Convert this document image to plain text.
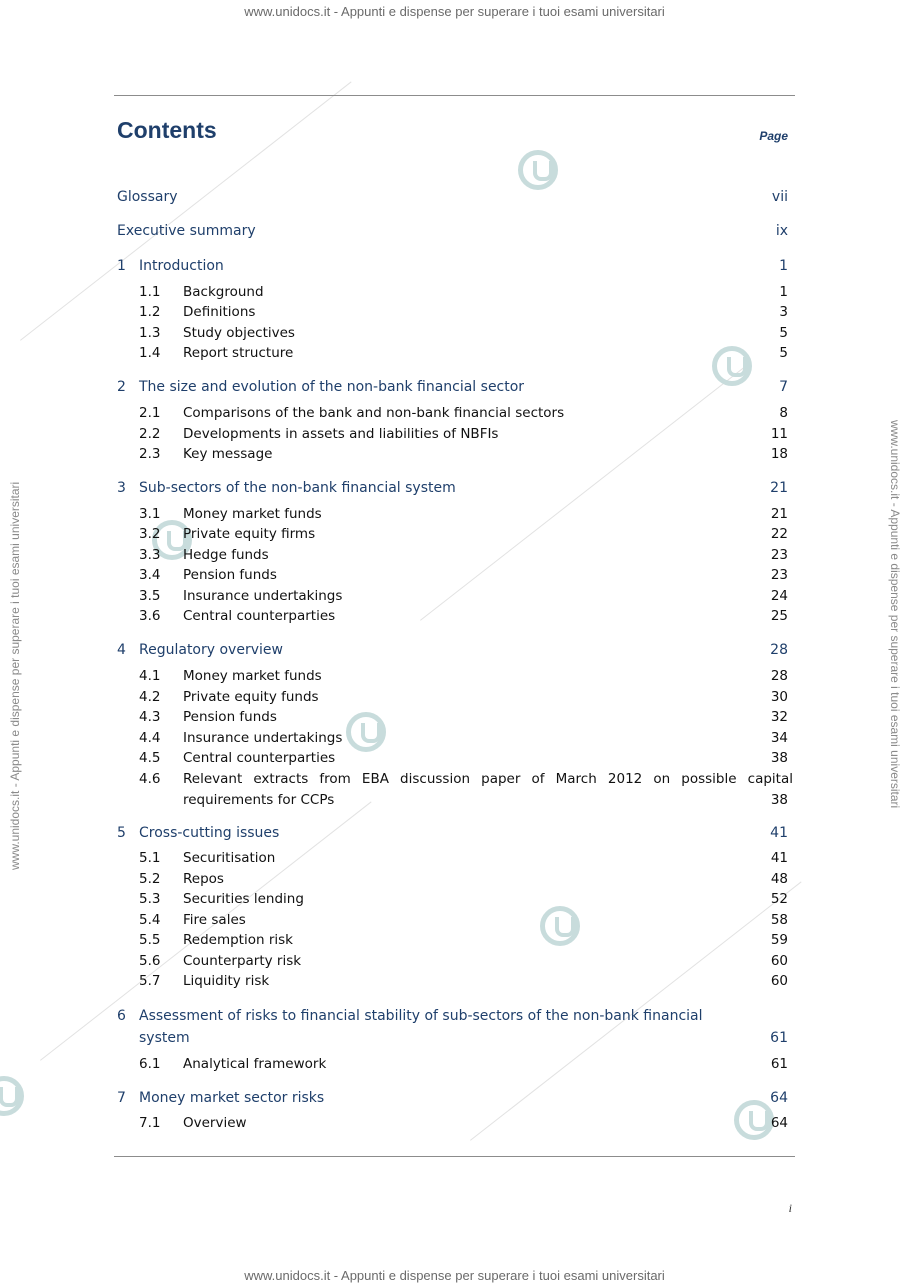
www.unidocs.it - Appunti e dispense per superare i tuoi esami universitari
www.unidocs.it - Appunti e dispense per superare i tuoi esami universitari
www.unidocs.it - Appunti e dispense per superare i tuoi esami universitari	www.unidocs.it - Appunti e dispense per superare i tuoi esami universitari
Contents	Page
Glossary	vii
Executive summary	ix
1 Introduction	1
1.1 Background	1
1.2 Definitions	3
1.3 Study objectives	5
1.4 Report structure	5
2 The size and evolution of the non-bank financial sector	7
2.1 Comparisons of the bank and non-bank financial sectors	8
2.2 Developments in assets and liabilities of NBFIs	11
2.3 Key message	18
3 Sub-sectors of the non-bank financial system	21
3.1 Money market funds	21
3.2 Private equity firms	22
3.3 Hedge funds	23
3.4 Pension funds	23
3.5 Insurance undertakings	24
3.6 Central counterparties	25
4 Regulatory overview	28
4.1 Money market funds	28
4.2 Private equity funds	30
4.3 Pension funds	32
4.4 Insurance undertakings	34
4.5 Central counterparties	38
4.6 Relevant extracts from EBA discussion paper of March 2012 on possible capital
requirements for CCPs	38
5 Cross-cutting issues	41
5.1 Securitisation	41
5.2 Repos	48
5.3 Securities lending	52
5.4 Fire sales	58
5.5 Redemption risk	59
5.6 Counterparty risk	60
5.7 Liquidity risk	60
6 Assessment of risks to financial stability of sub-sectors of the non-bank financial
system	61
6.1 Analytical framework	61
7 Money market sector risks	64
7.1 Overview	64
i
